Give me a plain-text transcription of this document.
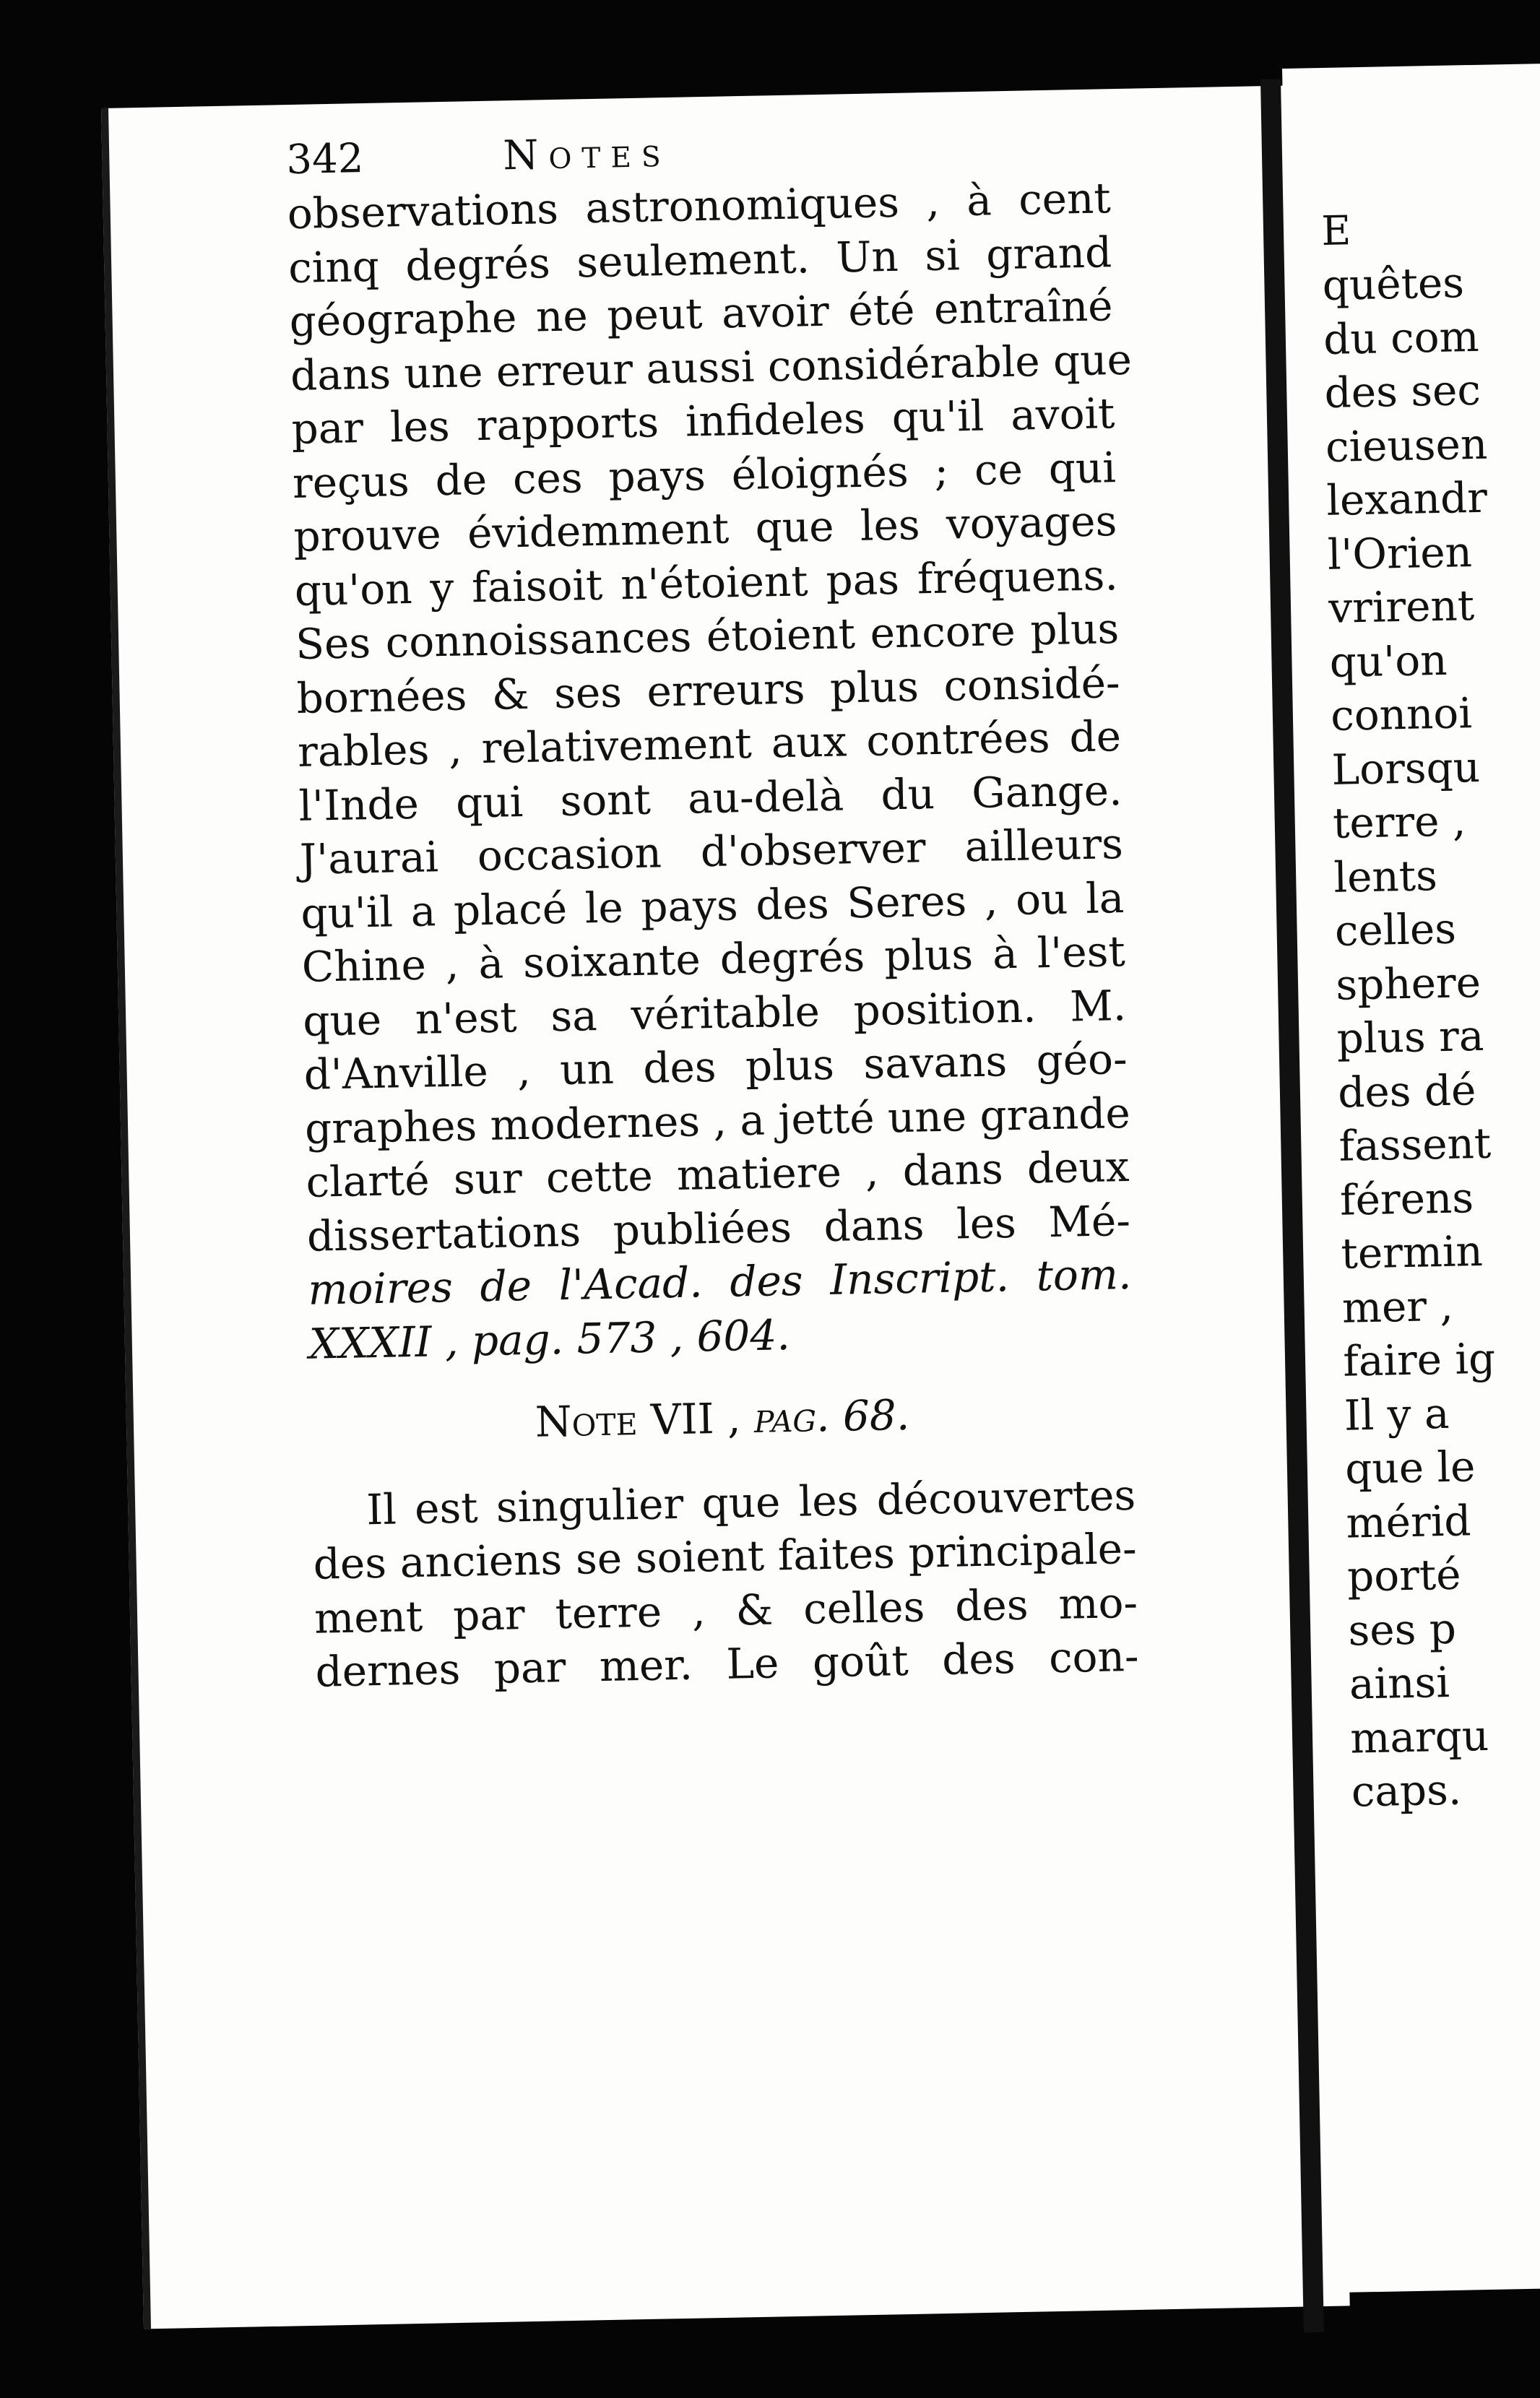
342	Notes
observations astronomiques , à cent
cinq degrés seulement. Un si grand
géographe ne peut avoir été entraîné
dans une erreur aussi considérable que
par les rapports infideles qu'il avoit
reçus de ces pays éloignés ; ce qui
prouve évidemment que les voyages
qu'on y faisoit n'étoient pas fréquens.
Ses connoissances étoient encore plus
bornées & ses erreurs plus considé-
rables , relativement aux contrées de
l'Inde qui sont au-delà du Gange.
J'aurai occasion d'observer ailleurs
qu'il a placé le pays des Seres , ou la
Chine , à soixante degrés plus à l'est
que n'est sa véritable position. M.
d'Anville , un des plus savans géo-
graphes modernes , a jetté une grande
clarté sur cette matiere , dans deux
dissertations publiées dans les Mé-
moires de l'Acad. des Inscript. tom.
XXXII , pag. 573 , 604.
Note VII , pag. 68.
Il est singulier que les découvertes
des anciens se soient faites principale-
ment par terre , & celles des mo-
dernes par mer. Le goût des con-
E
quêtes
du com
des sec
cieusen
lexandr
l'Orien
vrirent
qu'on
connoi
Lorsqu
terre ,
lents
celles
sphere
plus ra
des dé
fassent
férens
termin
mer ,
faire ig
Il y a
que le
mérid
porté
ses p
ainsi
marqu
caps.
